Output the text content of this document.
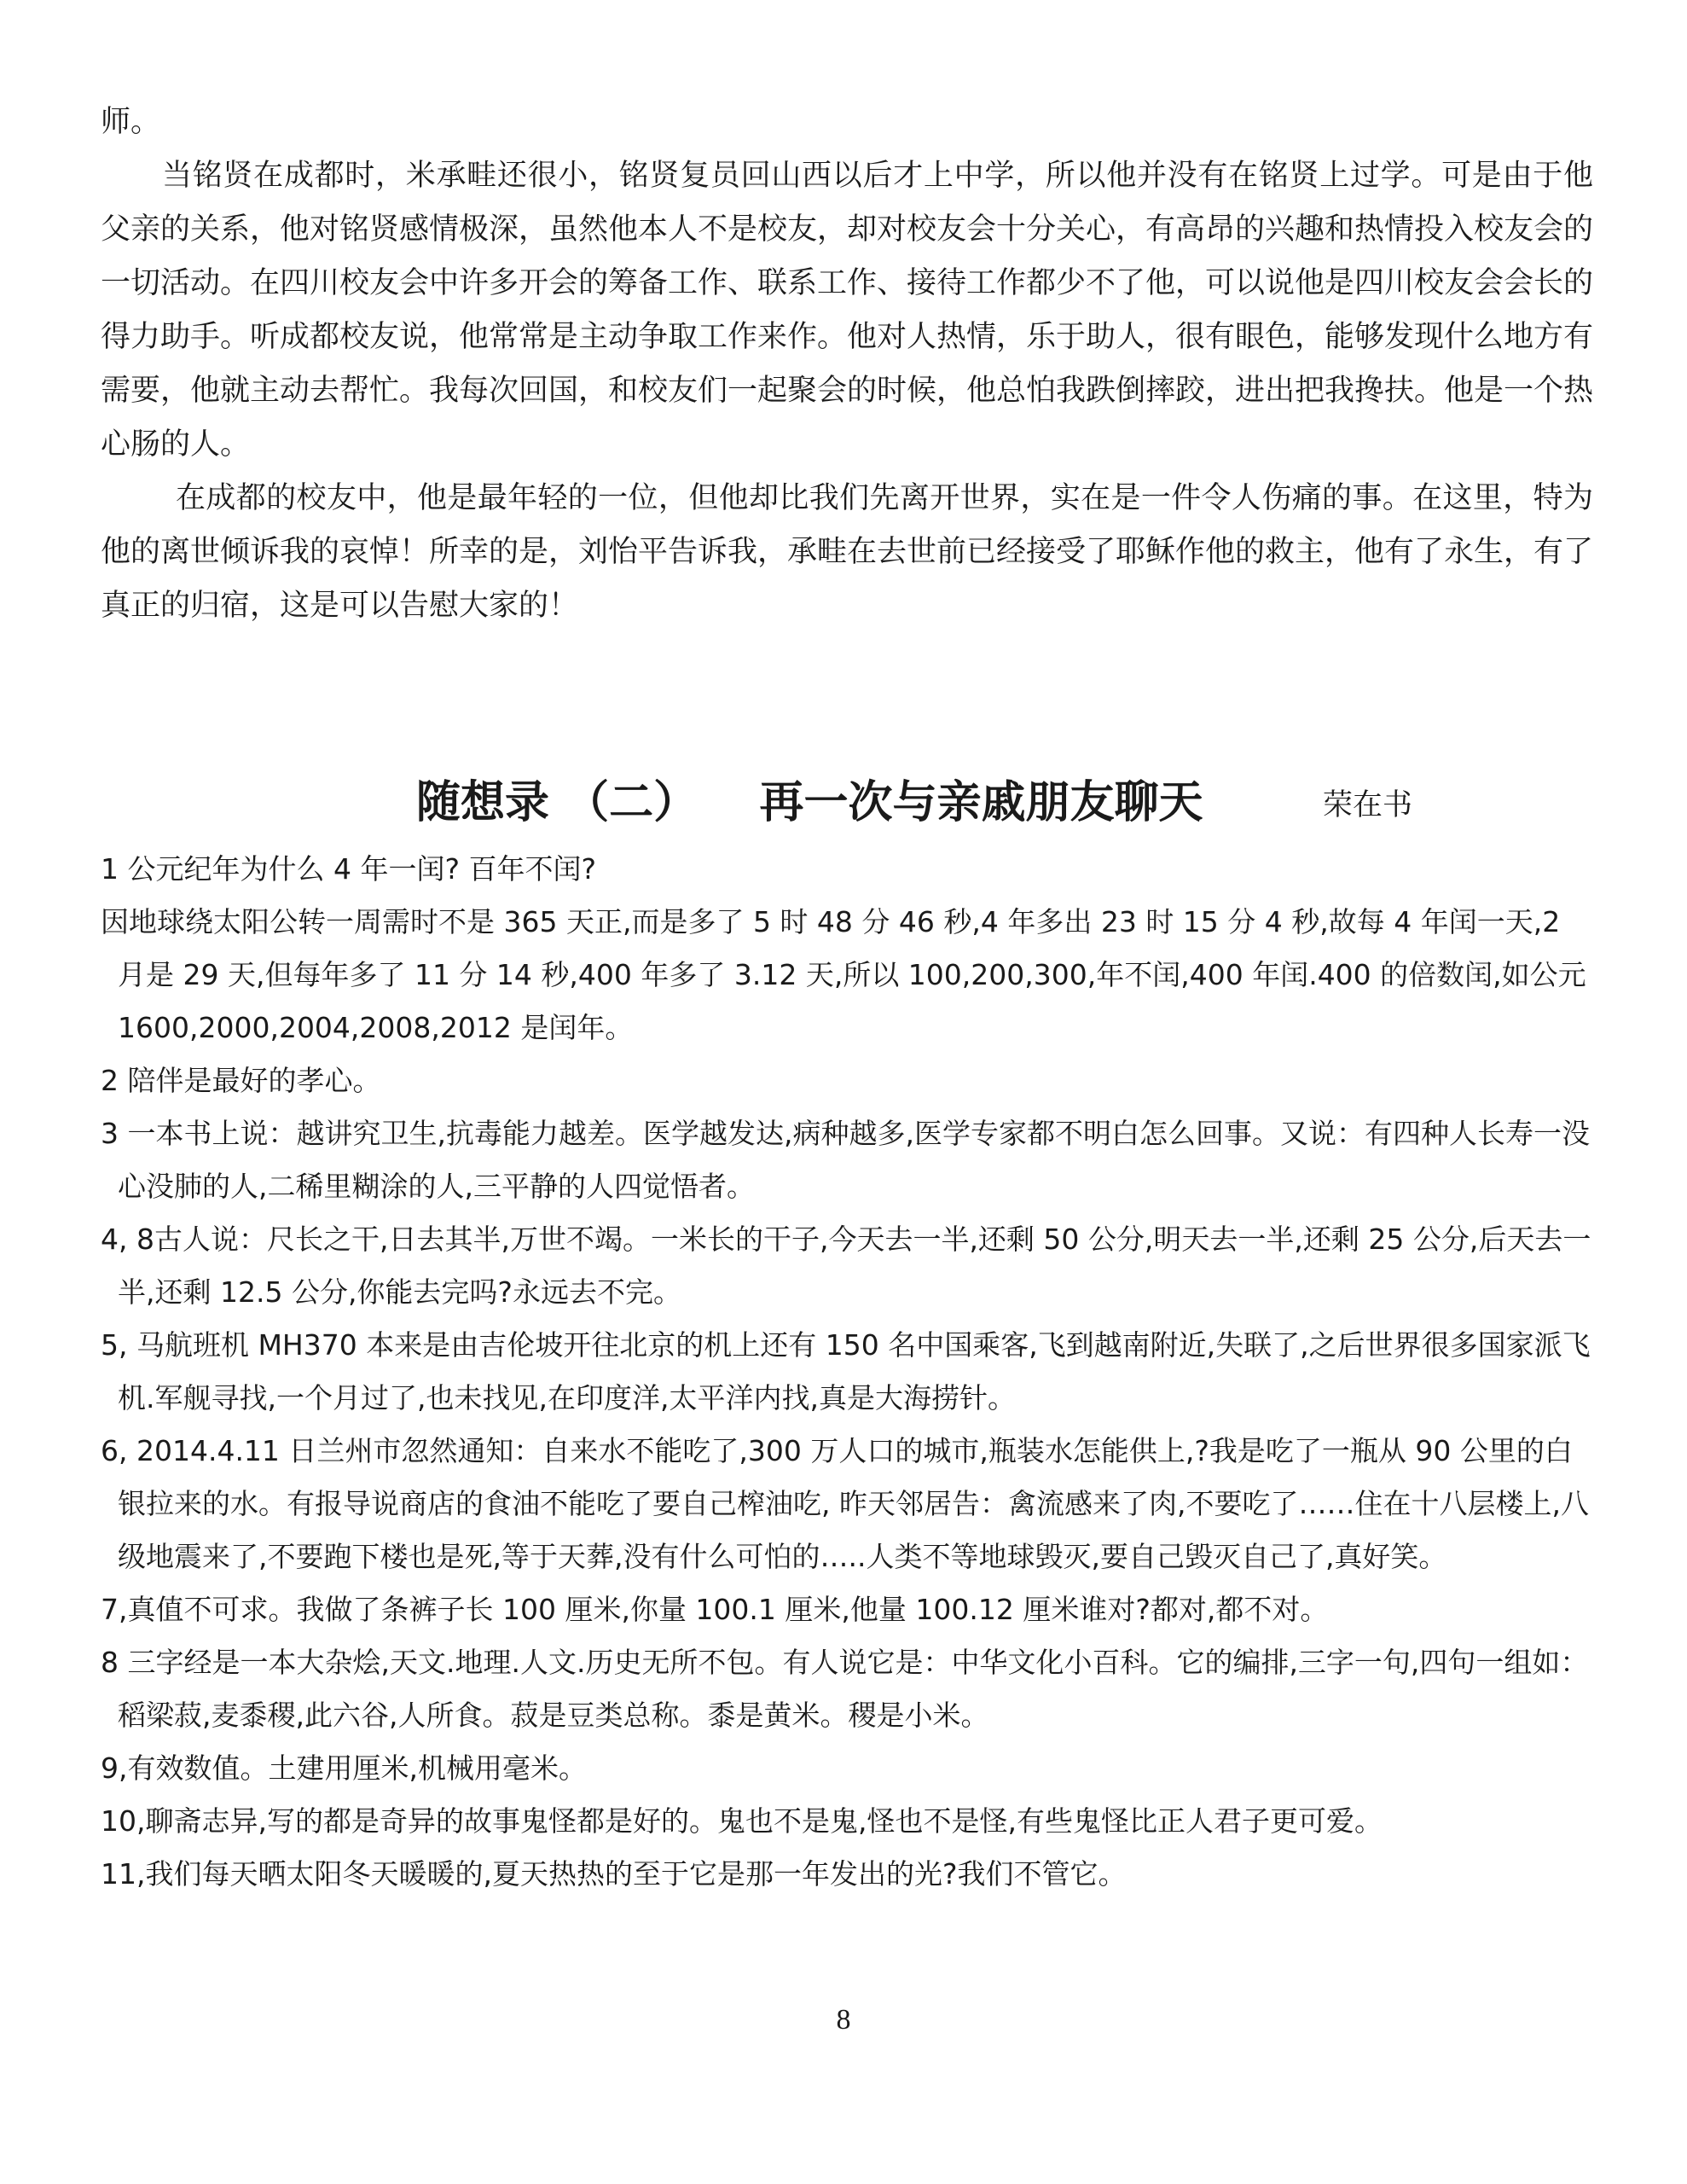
师。

当铭贤在成都时，米承畦还很小，铭贤复员回山西以后才上中学，所以他并没有在铭贤上过学。可是由于他父亲的关系，他对铭贤感情极深，虽然他本人不是校友，却对校友会十分关心，有高昂的兴趣和热情投入校友会的一切活动。在四川校友会中许多开会的筹备工作、联系工作、接待工作都少不了他，可以说他是四川校友会会长的得力助手。听成都校友说，他常常是主动争取工作来作。他对人热情，乐于助人，很有眼色，能够发现什么地方有需要，他就主动去帮忙。我每次回国，和校友们一起聚会的时候，他总怕我跌倒摔跤，进出把我搀扶。他是一个热心肠的人。

在成都的校友中，他是最年轻的一位，但他却比我们先离开世界，实在是一件令人伤痛的事。在这里，特为他的离世倾诉我的哀悼！所幸的是，刘怡平告诉我，承畦在去世前已经接受了耶稣作他的救主，他有了永生，有了真正的归宿，这是可以告慰大家的！

随想录 （二）    再一次与亲戚朋友聊天	荣在书

1 公元纪年为什么 4 年一闰? 百年不闰?

因地球绕太阳公转一周需时不是 365 天正,而是多了 5 时 48 分 46 秒,4 年多出 23 时 15 分 4 秒,故每 4 年闰一天,2 月是 29 天,但每年多了 11 分 14 秒,400 年多了 3.12 天,所以 100,200,300,年不闰,400 年闰.400 的倍数闰,如公元 1600,2000,2004,2008,2012 是闰年。

2 陪伴是最好的孝心。

3 一本书上说：越讲究卫生,抗毒能力越差。医学越发达,病种越多,医学专家都不明白怎么回事。又说：有四种人长寿一没心没肺的人,二稀里糊涂的人,三平静的人四觉悟者。

4, 8古人说：尺长之干,日去其半,万世不竭。一米长的干子,今天去一半,还剩 50 公分,明天去一半,还剩 25 公分,后天去一半,还剩 12.5 公分,你能去完吗?永远去不完。

5, 马航班机 MH370 本来是由吉伦坡开往北京的机上还有 150 名中国乘客,飞到越南附近,失联了,之后世界很多国家派飞机.军舰寻找,一个月过了,也未找见,在印度洋,太平洋内找,真是大海捞针。

6, 2014.4.11 日兰州市忽然通知：自来水不能吃了,300 万人口的城市,瓶装水怎能供上,?我是吃了一瓶从 90 公里的白银拉来的水。有报导说商店的食油不能吃了要自己榨油吃, 昨天邻居告：禽流感来了肉,不要吃了……住在十八层楼上,八级地震来了,不要跑下楼也是死,等于天葬,没有什么可怕的…..人类不等地球毁灭,要自己毁灭自己了,真好笑。

7,真值不可求。我做了条裤子长 100 厘米,你量 100.1 厘米,他量 100.12 厘米谁对?都对,都不对。

8 三字经是一本大杂烩,天文.地理.人文.历史无所不包。有人说它是：中华文化小百科。它的编排,三字一句,四句一组如：稻梁菽,麦黍稷,此六谷,人所食。菽是豆类总称。黍是黄米。稷是小米。

9,有效数值。土建用厘米,机械用毫米。

10,聊斋志异,写的都是奇异的故事鬼怪都是好的。鬼也不是鬼,怪也不是怪,有些鬼怪比正人君子更可爱。

11,我们每天晒太阳冬天暖暖的,夏天热热的至于它是那一年发出的光?我们不管它。

8
